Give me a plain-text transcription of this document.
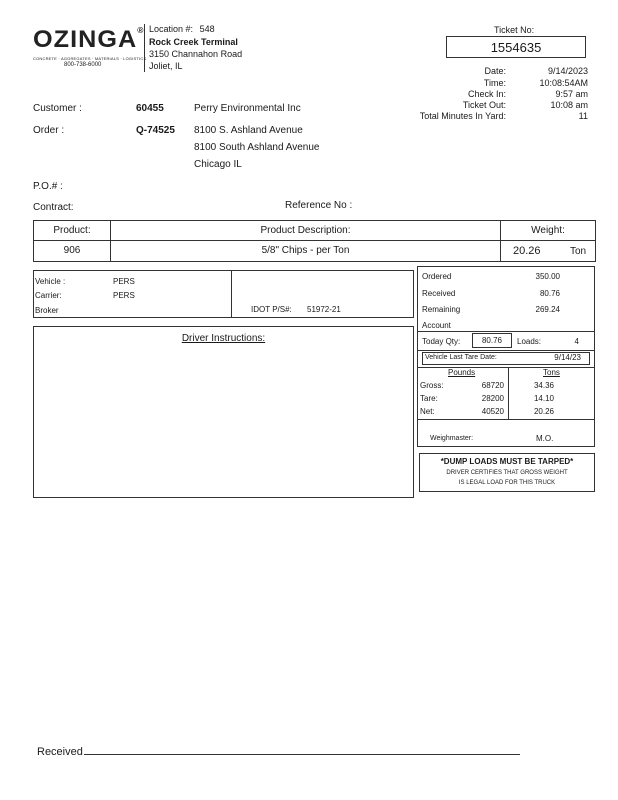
OZINGA®
CONCRETE · AGGREGATES · MATERIALS · LOGISTICS
800-738-6000
Location #: 548
Rock Creek Terminal
3150 Channahon Road
Joliet, IL
Ticket No:
1554635
Date:	9/14/2023
Time:	10:08:54AM
Check In:	9:57 am
Ticket Out:	10:08 am
Total Minutes In Yard:	11
Customer :	60455	Perry Environmental Inc
Order :	Q-74525 8100 S. Ashland Avenue
8100 South Ashland Avenue
Chicago IL
P.O.# :
Contract:	Reference No :
Product:	Product Description:	Weight:
906	5/8" Chips - per Ton	20.26	Ton
Vehicle :	PERS
Carrier:	PERS
Broker	IDOT P/S#: 51972-21
Driver Instructions:
Ordered	350.00
Received	80.76
Remaining	269.24
Account
Today Qty:	80.76	Loads:	4
Vehicle Last Tare Date:	9/14/23
Pounds	Tons
Gross:	68720	34.36
Tare:	28200	14.10
Net:	40520	20.26
Weighmaster:	M.O.
*DUMP LOADS MUST BE TARPED*
DRIVER CERTIFIES THAT GROSS WEIGHT
IS LEGAL LOAD FOR THIS TRUCK
Received
